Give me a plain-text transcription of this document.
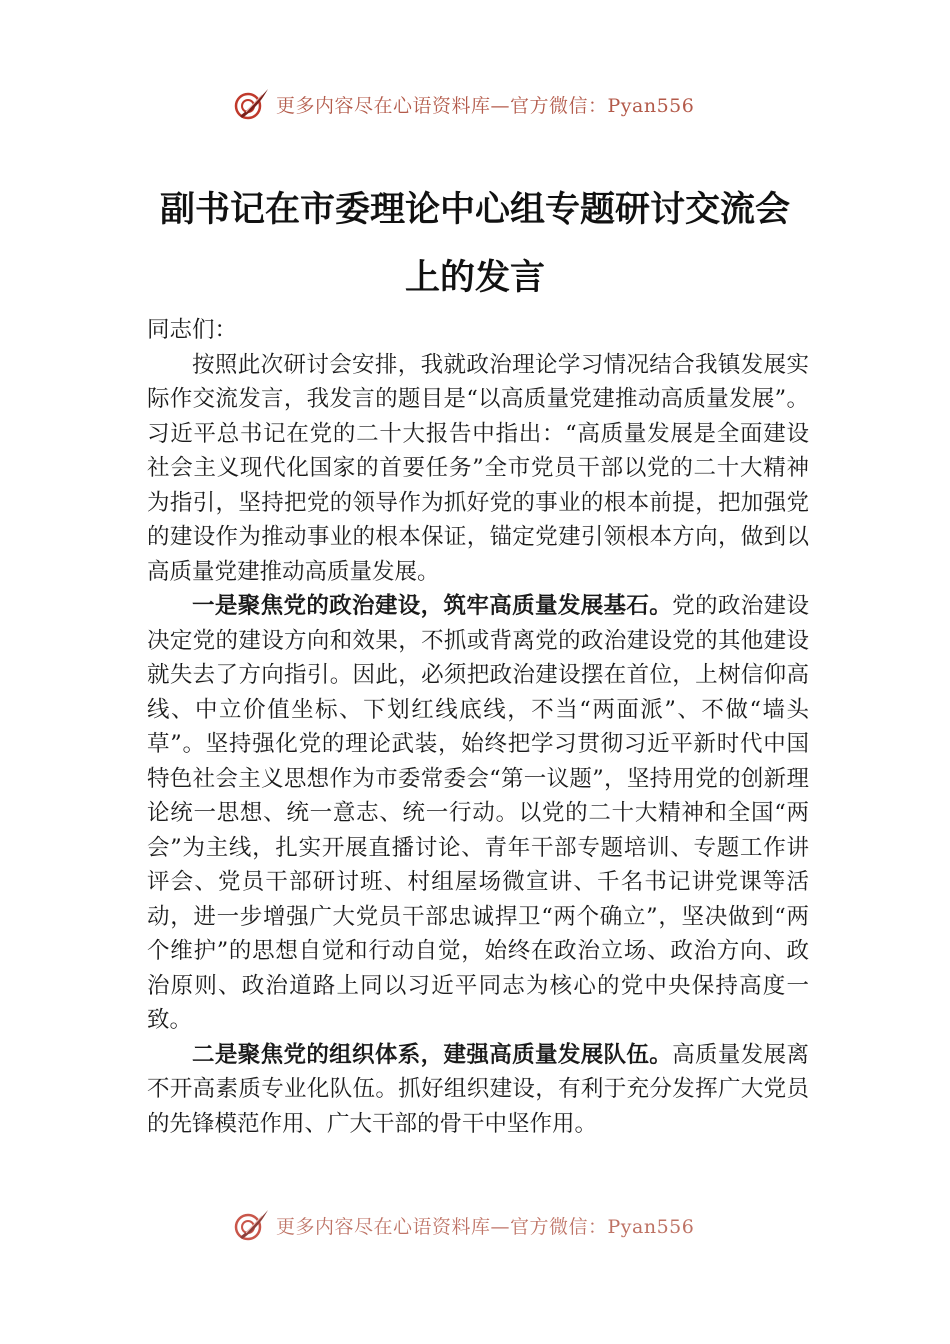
更多内容尽在心语资料库—官方微信：Pyan556
副书记在市委理论中心组专题研讨交流会
上的发言

同志们：

按照此次研讨会安排，我就政治理论学习情况结合我镇发展实际作交流发言，我发言的题目是“以高质量党建推动高质量发展”。习近平总书记在党的二十大报告中指出：“高质量发展是全面建设社会主义现代化国家的首要任务”全市党员干部以党的二十大精神为指引，坚持把党的领导作为抓好党的事业的根本前提，把加强党的建设作为推动事业的根本保证，锚定党建引领根本方向，做到以高质量党建推动高质量发展。

一是聚焦党的政治建设，筑牢高质量发展基石。党的政治建设决定党的建设方向和效果，不抓或背离党的政治建设党的其他建设就失去了方向指引。因此，必须把政治建设摆在首位，上树信仰高线、中立价值坐标、下划红线底线，不当“两面派”、不做“墙头草”。坚持强化党的理论武装，始终把学习贯彻习近平新时代中国特色社会主义思想作为市委常委会“第一议题”，坚持用党的创新理论统一思想、统一意志、统一行动。以党的二十大精神和全国“两会”为主线，扎实开展直播讨论、青年干部专题培训、专题工作讲评会、党员干部研讨班、村组屋场微宣讲、千名书记讲党课等活动，进一步增强广大党员干部忠诚捍卫“两个确立”，坚决做到“两个维护”的思想自觉和行动自觉，始终在政治立场、政治方向、政治原则、政治道路上同以习近平同志为核心的党中央保持高度一致。

二是聚焦党的组织体系，建强高质量发展队伍。高质量发展离不开高素质专业化队伍。抓好组织建设，有利于充分发挥广大党员的先锋模范作用、广大干部的骨干中坚作用。

更多内容尽在心语资料库—官方微信：Pyan556
